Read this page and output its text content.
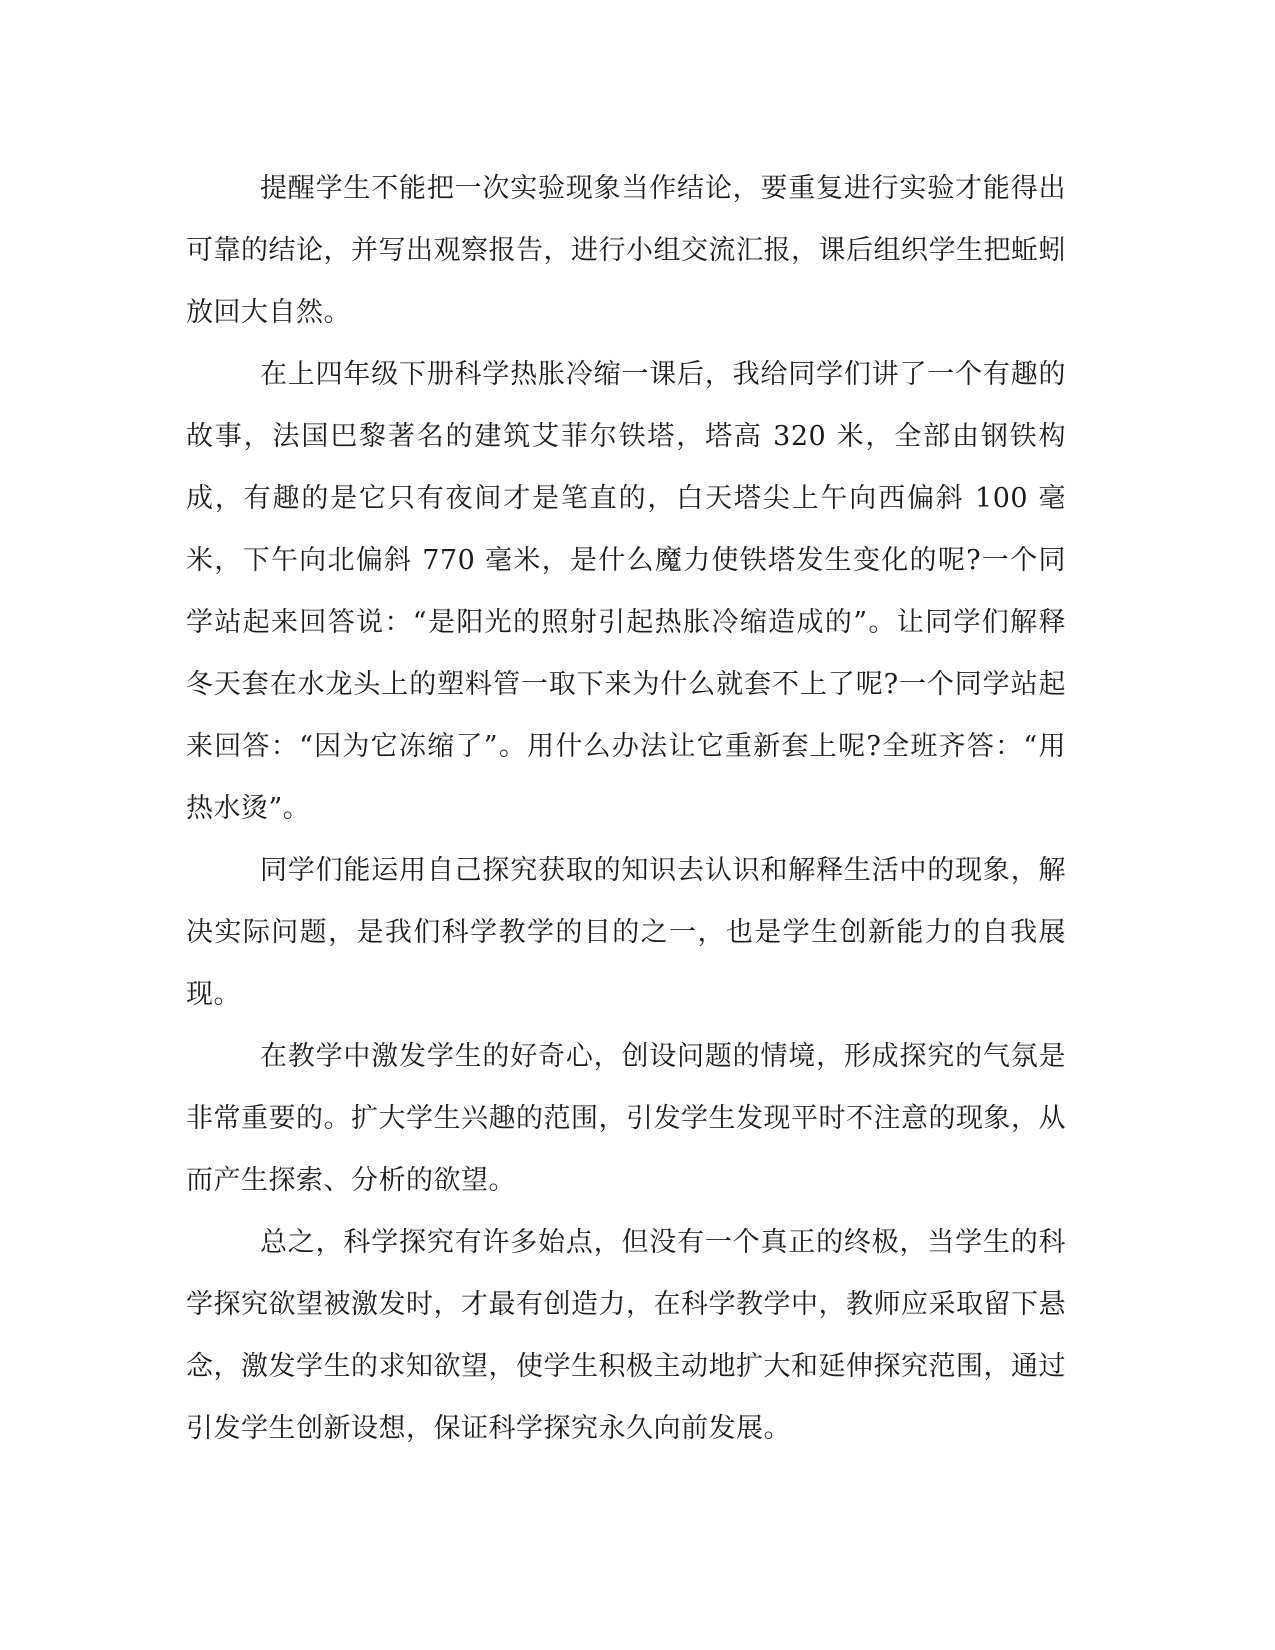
提醒学生不能把一次实验现象当作结论，要重复进行实验才能得出可靠的结论，并写出观察报告，进行小组交流汇报，课后组织学生把蚯蚓放回大自然。

在上四年级下册科学热胀冷缩一课后，我给同学们讲了一个有趣的故事，法国巴黎著名的建筑艾菲尔铁塔，塔高 320 米，全部由钢铁构成，有趣的是它只有夜间才是笔直的，白天塔尖上午向西偏斜 100 毫米，下午向北偏斜 770 毫米，是什么魔力使铁塔发生变化的呢?一个同学站起来回答说：“是阳光的照射引起热胀冷缩造成的”。让同学们解释冬天套在水龙头上的塑料管一取下来为什么就套不上了呢?一个同学站起来回答：“因为它冻缩了”。用什么办法让它重新套上呢?全班齐答：“用热水烫”。

同学们能运用自己探究获取的知识去认识和解释生活中的现象，解决实际问题，是我们科学教学的目的之一，也是学生创新能力的自我展现。

在教学中激发学生的好奇心，创设问题的情境，形成探究的气氛是非常重要的。扩大学生兴趣的范围，引发学生发现平时不注意的现象，从而产生探索、分析的欲望。

总之，科学探究有许多始点，但没有一个真正的终极，当学生的科学探究欲望被激发时，才最有创造力，在科学教学中，教师应采取留下悬念，激发学生的求知欲望，使学生积极主动地扩大和延伸探究范围，通过引发学生创新设想，保证科学探究永久向前发展。
